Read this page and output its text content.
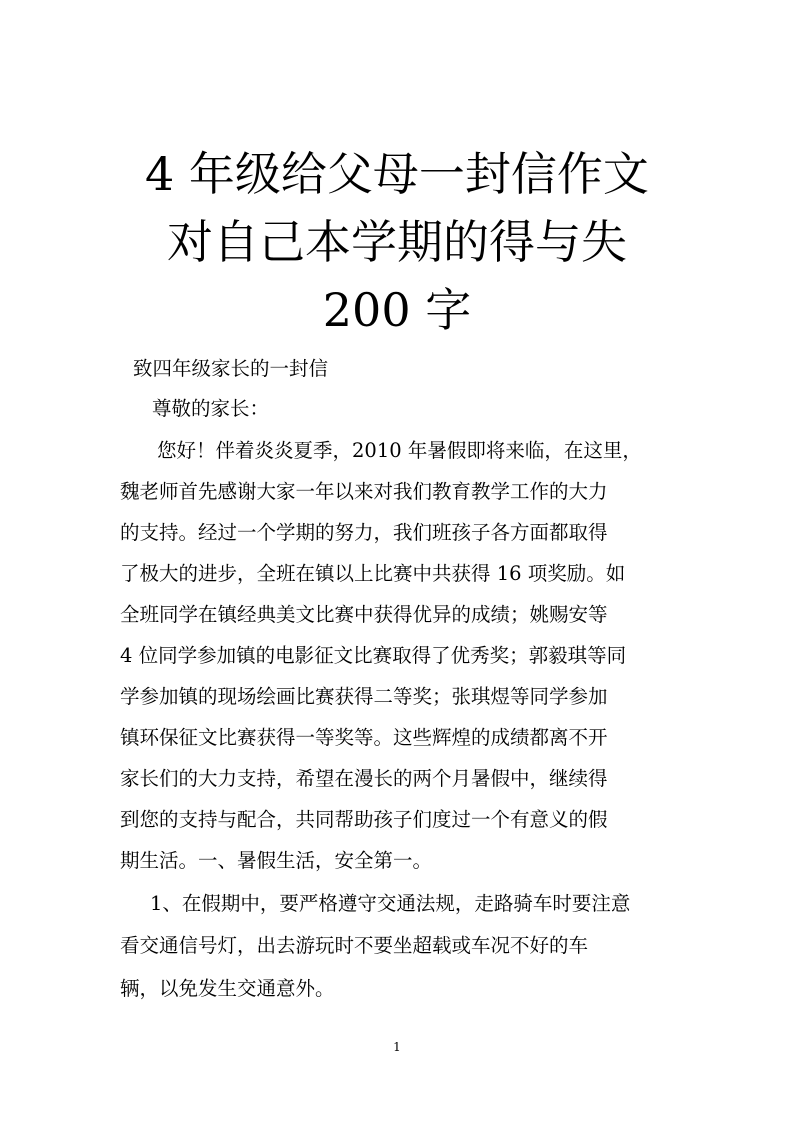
4 年级给父母一封信作文
对自己本学期的得与失
200 字
致四年级家长的一封信
尊敬的家长：
您好！伴着炎炎夏季，2010 年暑假即将来临，在这里，
魏老师首先感谢大家一年以来对我们教育教学工作的大力
的支持。经过一个学期的努力，我们班孩子各方面都取得
了极大的进步，全班在镇以上比赛中共获得 16 项奖励。如
全班同学在镇经典美文比赛中获得优异的成绩；姚赐安等
4 位同学参加镇的电影征文比赛取得了优秀奖；郭毅琪等同
学参加镇的现场绘画比赛获得二等奖；张琪煜等同学参加
镇环保征文比赛获得一等奖等。这些辉煌的成绩都离不开
家长们的大力支持，希望在漫长的两个月暑假中，继续得
到您的支持与配合，共同帮助孩子们度过一个有意义的假
期生活。一、暑假生活，安全第一。
1、在假期中，要严格遵守交通法规，走路骑车时要注意
看交通信号灯，出去游玩时不要坐超载或车况不好的车
辆，以免发生交通意外。
1
